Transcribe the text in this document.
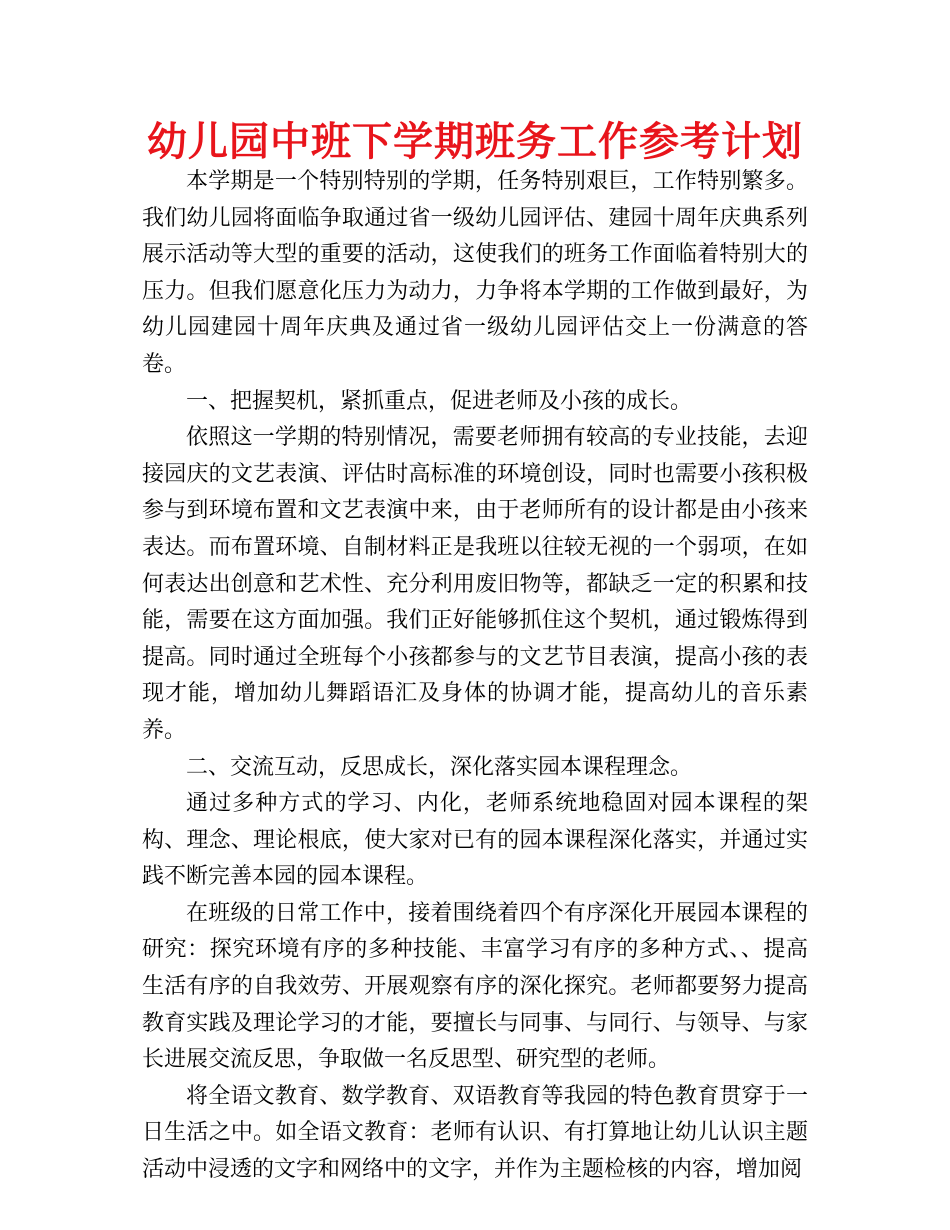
幼儿园中班下学期班务工作参考计划

本学期是一个特别特别的学期，任务特别艰巨，工作特别繁多。我们幼儿园将面临争取通过省一级幼儿园评估、建园十周年庆典系列展示活动等大型的重要的活动，这使我们的班务工作面临着特别大的压力。但我们愿意化压力为动力，力争将本学期的工作做到最好，为幼儿园建园十周年庆典及通过省一级幼儿园评估交上一份满意的答卷。

一、把握契机，紧抓重点，促进老师及小孩的成长。

依照这一学期的特别情况，需要老师拥有较高的专业技能，去迎接园庆的文艺表演、评估时高标准的环境创设，同时也需要小孩积极参与到环境布置和文艺表演中来，由于老师所有的设计都是由小孩来表达。而布置环境、自制材料正是我班以往较无视的一个弱项，在如何表达出创意和艺术性、充分利用废旧物等，都缺乏一定的积累和技能，需要在这方面加强。我们正好能够抓住这个契机，通过锻炼得到提高。同时通过全班每个小孩都参与的文艺节目表演，提高小孩的表现才能，增加幼儿舞蹈语汇及身体的协调才能，提高幼儿的音乐素养。

二、交流互动，反思成长，深化落实园本课程理念。

通过多种方式的学习、内化，老师系统地稳固对园本课程的架构、理念、理论根底，使大家对已有的园本课程深化落实，并通过实践不断完善本园的园本课程。

在班级的日常工作中，接着围绕着四个有序深化开展园本课程的研究：探究环境有序的多种技能、丰富学习有序的多种方式、、提高生活有序的自我效劳、开展观察有序的深化探究。老师都要努力提高教育实践及理论学习的才能，要擅长与同事、与同行、与领导、与家长进展交流反思，争取做一名反思型、研究型的老师。

将全语文教育、数学教育、双语教育等我园的特色教育贯穿于一日生活之中。如全语文教育：老师有认识、有打算地让幼儿认识主题活动中浸透的文字和网络中的文字，并作为主题检核的内容，增加阅
